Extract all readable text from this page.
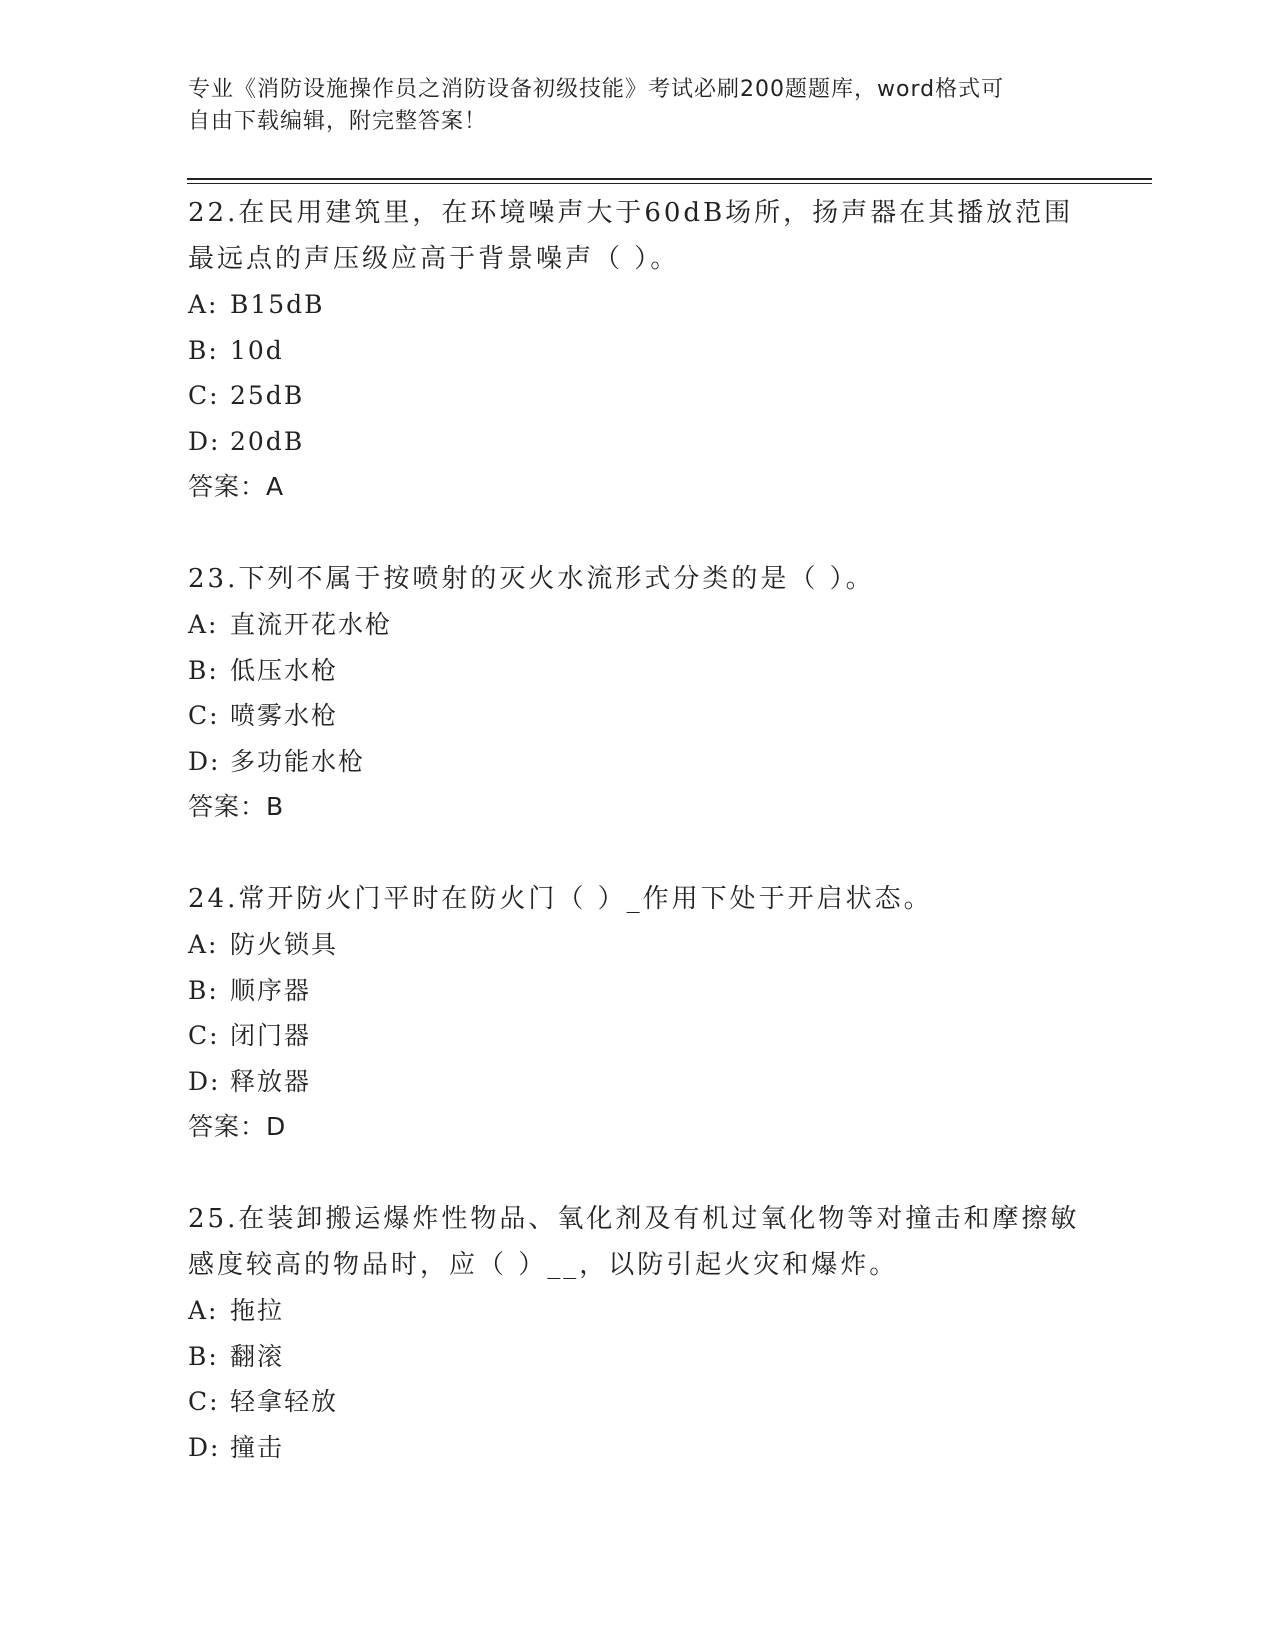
专业《消防设施操作员之消防设备初级技能》考试必刷200题题库，word格式可
自由下载编辑，附完整答案！

22.在民用建筑里，在环境噪声大于60dB场所，扬声器在其播放范围

最远点的声压级应高于背景噪声（ ）。

A: B15dB

B: 10d

C: 25dB

D: 20dB

答案：A

23.下列不属于按喷射的灭火水流形式分类的是（ ）。

A: 直流开花水枪

B: 低压水枪

C: 喷雾水枪

D: 多功能水枪

答案：B

24.常开防火门平时在防火门（ ）_作用下处于开启状态。

A: 防火锁具

B: 顺序器

C: 闭门器

D: 释放器

答案：D

25.在装卸搬运爆炸性物品、氧化剂及有机过氧化物等对撞击和摩擦敏

感度较高的物品时，应（ ）__，以防引起火灾和爆炸。

A: 拖拉

B: 翻滚

C: 轻拿轻放

D: 撞击
